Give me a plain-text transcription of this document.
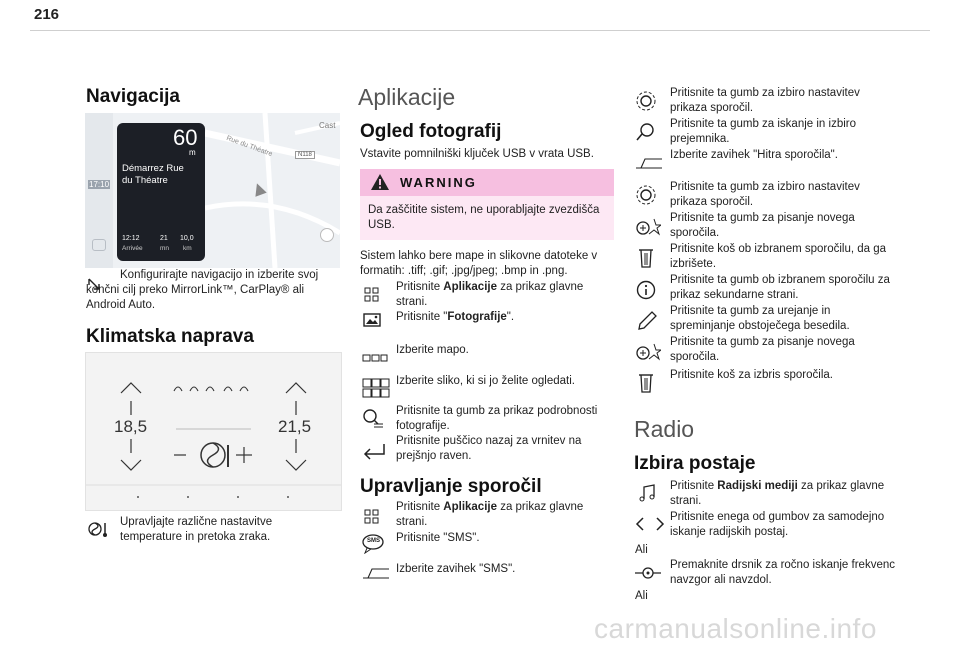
216
Navigacija
17:10
Cast
Rue du Théatre	N118
60
m
Démarrez Rue du Théatre
12:12
Arrivée
21
mn
10,0
km
Konfigurirajte navigacijo in izberite svoj končni cilj preko MirrorLink™, CarPlay® ali Android Auto.
Klimatska naprava
18,5	21,5
Upravljajte različne nastavitve temperature in pretoka zraka.
Aplikacije
Ogled fotografij
Vstavite pomnilniški ključek USB v vrata USB.
WARNING
Da zaščitite sistem, ne uporabljajte zvezdišča USB.
Sistem lahko bere mape in slikovne datoteke v formatih: .tiff; .gif; .jpg/jpeg; .bmp in .png.
Pritisnite Aplikacije za prikaz glavne strani.
Pritisnite "Fotografije".
Izberite mapo.
Izberite sliko, ki si jo želite ogledati.
Pritisnite ta gumb za prikaz podrobnosti fotografije.
Pritisnite puščico nazaj za vrnitev na prejšnjo raven.
Upravljanje sporočil
Pritisnite Aplikacije za prikaz glavne strani.
SMS Pritisnite "SMS".
Izberite zavihek "SMS".
Pritisnite ta gumb za izbiro nastavitev prikaza sporočil.
Pritisnite ta gumb za iskanje in izbiro prejemnika.
Izberite zavihek "Hitra sporočila".
Pritisnite ta gumb za izbiro nastavitev prikaza sporočil.
Pritisnite ta gumb za pisanje novega sporočila.
Pritisnite koš ob izbranem sporočilu, da ga izbrišete.
Pritisnite ta gumb ob izbranem sporočilu za prikaz sekundarne strani.
Pritisnite ta gumb za urejanje in spreminjanje obstoječega besedila.
Pritisnite ta gumb za pisanje novega sporočila.
Pritisnite koš za izbris sporočila.
Radio
Izbira postaje
Pritisnite Radijski mediji za prikaz glavne strani.
Pritisnite enega od gumbov za samodejno iskanje radijskih postaj.
Ali
Premaknite drsnik za ročno iskanje frekvenc navzgor ali navzdol.
Ali
carmanualsonline.info
